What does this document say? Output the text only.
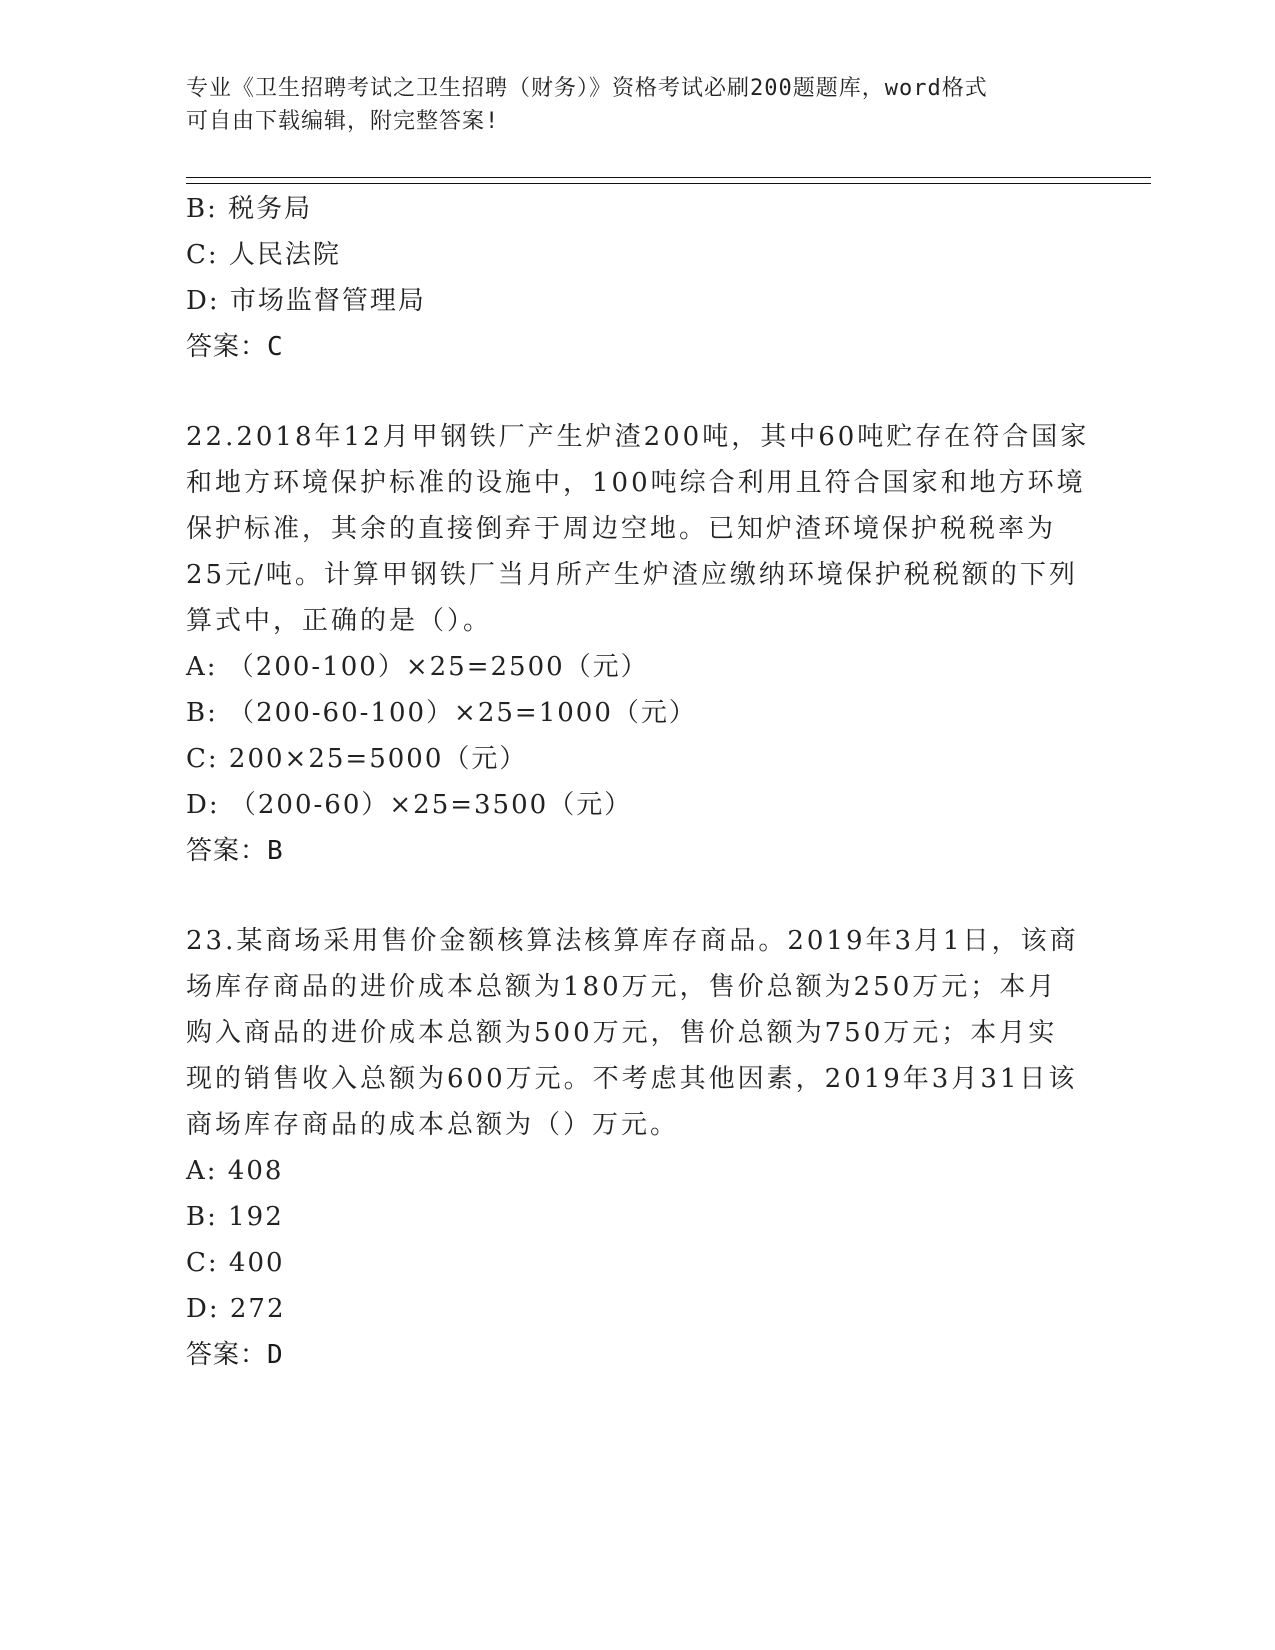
专业《卫生招聘考试之卫生招聘（财务）》资格考试必刷200题题库，word格式
可自由下载编辑，附完整答案!
B: 税务局
C: 人民法院
D: 市场监督管理局
答案：C
22.2018年12月甲钢铁厂产生炉渣200吨，其中60吨贮存在符合国家
和地方环境保护标准的设施中，100吨综合利用且符合国家和地方环境
保护标准，其余的直接倒弃于周边空地。已知炉渣环境保护税税率为
25元/吨。计算甲钢铁厂当月所产生炉渣应缴纳环境保护税税额的下列
算式中，正确的是（）。
A: （200-100）×25=2500（元）
B: （200-60-100）×25=1000（元）
C: 200×25=5000（元）
D: （200-60）×25=3500（元）
答案：B
23.某商场采用售价金额核算法核算库存商品。2019年3月1日，该商
场库存商品的进价成本总额为180万元，售价总额为250万元；本月
购入商品的进价成本总额为500万元，售价总额为750万元；本月实
现的销售收入总额为600万元。不考虑其他因素，2019年3月31日该
商场库存商品的成本总额为（）万元。
A: 408
B: 192
C: 400
D: 272
答案：D
